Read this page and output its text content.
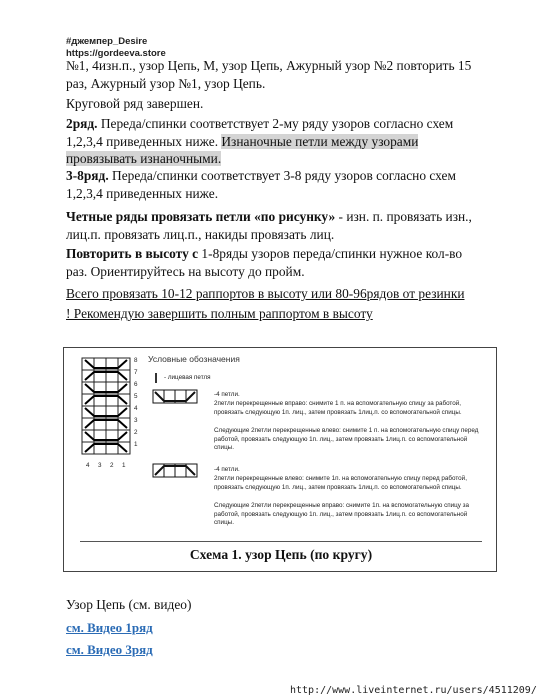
#джемпер_Desire
https://gordeeva.store

№1, 4изн.п., узор Цепь, М, узор Цепь, Ажурный узор №2 повторить 15 раз, Ажурный узор №1, узор Цепь.

Круговой ряд завершен.

2ряд. Переда/спинки соответствует 2-му ряду узоров согласно схем 1,2,3,4 приведенных ниже. Изнаночные петли между узорами провязывать изнаночными.

3-8ряд. Переда/спинки соответствует 3-8 ряду узоров согласно схем 1,2,3,4 приведенных ниже.

Четные ряды провязать петли «по рисунку» - изн. п. провязать изн., лиц.п. провязать лиц.п., накиды провязать лиц.

Повторить в высоту с 1-8ряды узоров переда/спинки нужное кол-во раз. Ориентируйтесь на высоту до пройм.

Всего провязать 10-12 раппортов в высоту или 80-96рядов от резинки

! Рекомендую завершить полным раппортом в высоту

8
7
6
5
4
3
2
1
4 3 2 1
Условные обозначения
- лицевая петля
-4 петли.
2петли перекрещенные вправо: снимите 1 п. на вспомогательную спицу за работой, провязать следующую 1п. лиц., затем провязать 1лиц.п. со вспомогательной спицы.
Следующие 2петли перекрещенные влево: снимите 1 п. на вспомогательную спицу перед работой, провязать следующую 1п. лиц., затем провязать 1лиц.п. со вспомогательной спицы.
-4 петли.
2петли перекрещенные влево: снимите 1п. на вспомогательную спицу перед работой, провязать следующую 1п. лиц., затем провязать 1лиц.п. со вспомогательной спицы.
Следующие 2петли перекрещенные вправо: снимите 1п. на вспомогательную спицу за работой, провязать следующую 1п. лиц., затем провязать 1лиц.п. со вспомогательной спицы.
Схема 1. узор Цепь (по кругу)

Узор Цепь (см. видео)

см. Видео 1ряд
см. Видео 3ряд
http://www.liveinternet.ru/users/4511209/
